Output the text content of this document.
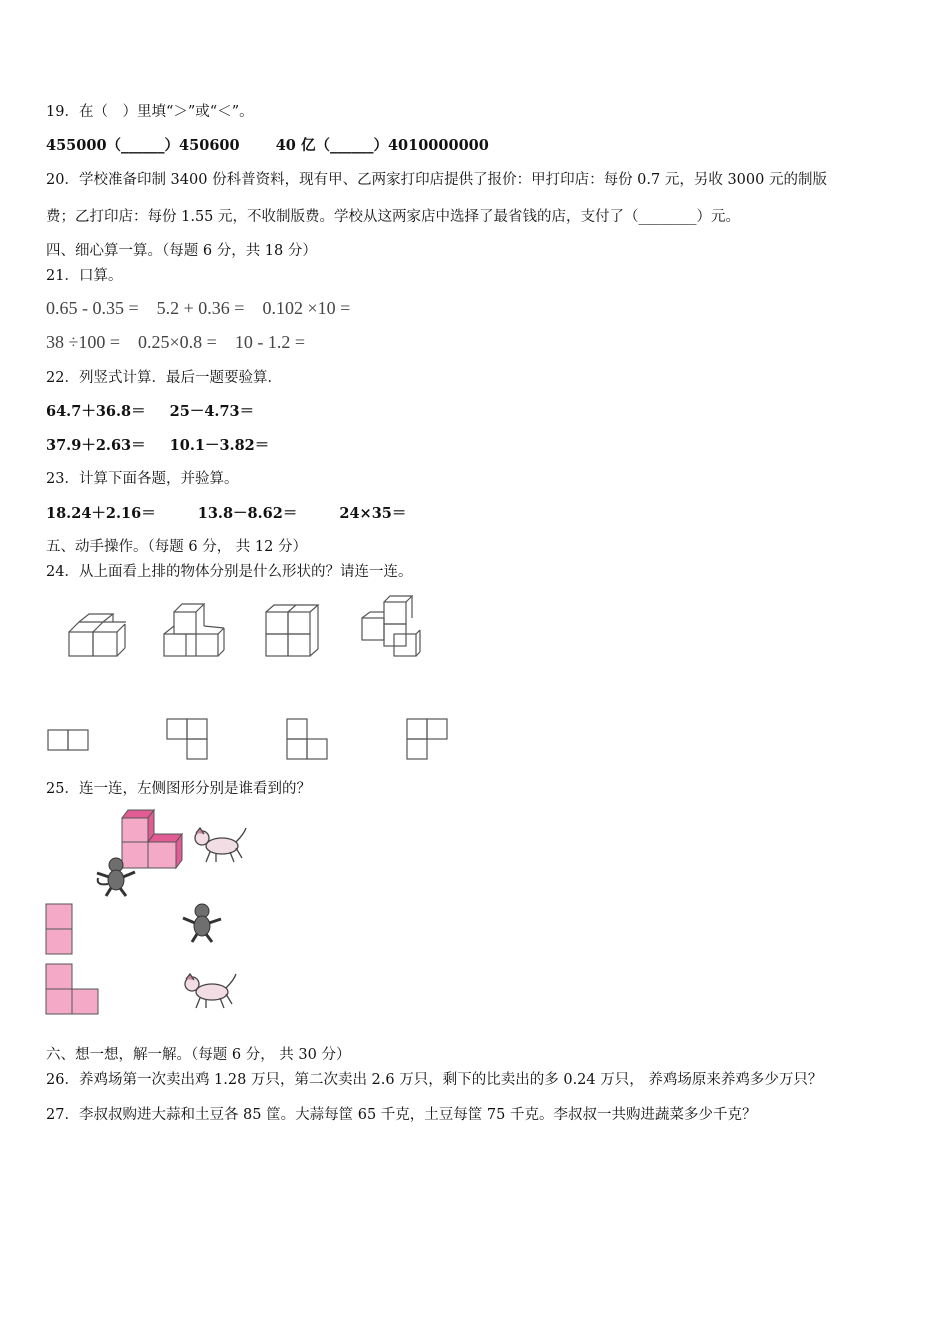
19．在（　）里填“＞”或“＜”。
455000（______）450600 40 亿（______）4010000000
20．学校准备印制 3400 份科普资料，现有甲、乙两家打印店提供了报价：甲打印店：每份 0.7 元，另收 3000 元的制版
费；乙打印店：每份 1.55 元，不收制版费。学校从这两家店中选择了最省钱的店，支付了（________）元。
四、细心算一算。（每题 6 分，共 18 分）
21．口算。
0.65 - 0.35 = 5.2 + 0.36 = 0.102 ×10 =
38 ÷100 = 0.25×0.8 = 10 - 1.2 =
22．列竖式计算．最后一题要验算．
64.7＋36.8＝ 25－4.73＝
37.9＋2.63＝ 10.1－3.82＝
23．计算下面各题，并验算。
18.24＋2.16＝	13.8－8.62＝	24×35＝
五、动手操作。（每题 6 分， 共 12 分）
24．从上面看上排的物体分别是什么形状的？请连一连。
25．连一连，左侧图形分别是谁看到的？
六、想一想，解一解。（每题 6 分， 共 30 分）
26．养鸡场第一次卖出鸡 1.28 万只，第二次卖出 2.6 万只，剩下的比卖出的多 0.24 万只， 养鸡场原来养鸡多少万只？
27．李叔叔购进大蒜和土豆各 85 筐。大蒜每筐 65 千克，土豆每筐 75 千克。李叔叔一共购进蔬菜多少千克？
